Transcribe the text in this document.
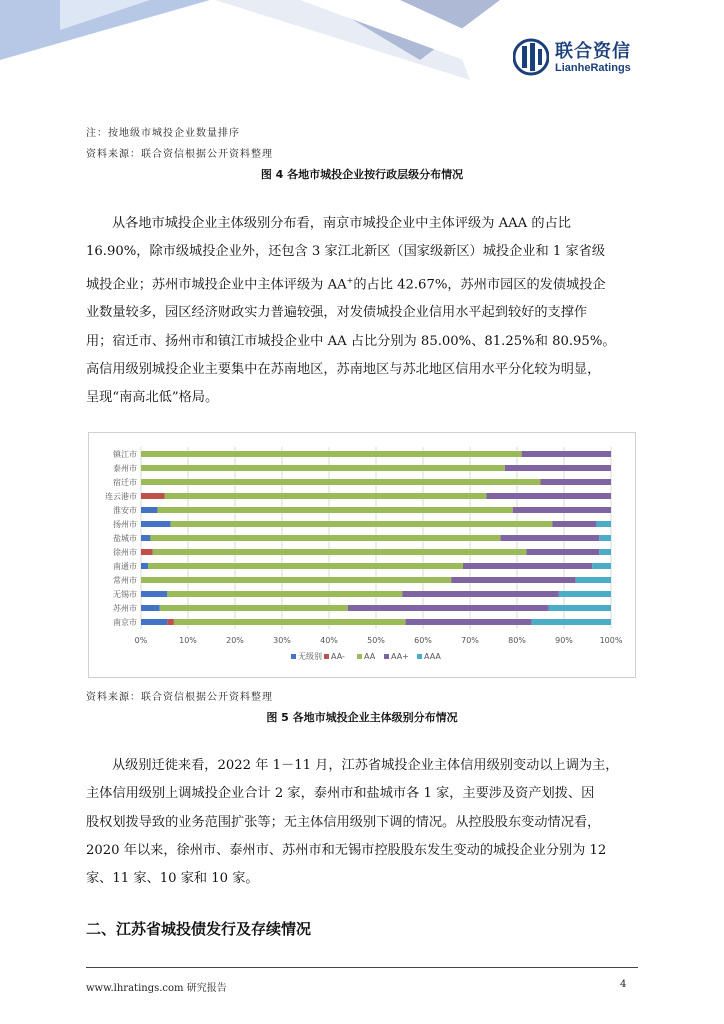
联合资信
LianheRatings
注：按地级市城投企业数量排序
资料来源：联合资信根据公开资料整理
图 4 各地市城投企业按行政层级分布情况

从各地市城投企业主体级别分布看，南京市城投企业中主体评级为 AAA 的占比

16.90%，除市级城投企业外，还包含 3 家江北新区（国家级新区）城投企业和 1 家省级
城投企业；苏州市城投企业中主体评级为 AA+的占比 42.67%，苏州市园区的发债城投企
业数量较多，园区经济财政实力普遍较强，对发债城投企业信用水平起到较好的支撑作
用；宿迁市、扬州市和镇江市城投企业中 AA 占比分别为 85.00%、81.25%和 80.95%。
高信用级别城投企业主要集中在苏南地区，苏南地区与苏北地区信用水平分化较为明显，
呈现“南高北低”格局。
0%	10%	20%	30%	40%	50%	60%	70%	80%	90%	100%
镇江市
泰州市
宿迁市
连云港市
淮安市
扬州市
盐城市
徐州市
南通市
常州市
无锡市
苏州市
南京市
无级别 AA- AA AA+ AAA
资料来源：联合资信根据公开资料整理
图 5 各地市城投企业主体级别分布情况

从级别迁徙来看，2022 年 1－11 月，江苏省城投企业主体信用级别变动以上调为主，

主体信用级别上调城投企业合计 2 家，泰州市和盐城市各 1 家，主要涉及资产划拨、因
股权划拨导致的业务范围扩张等；无主体信用级别下调的情况。从控股股东变动情况看，
2020 年以来，徐州市、泰州市、苏州市和无锡市控股股东发生变动的城投企业分别为 12
家、11 家、10 家和 10 家。
二、江苏省城投债发行及存续情况
www.lhratings.com 研究报告	4
